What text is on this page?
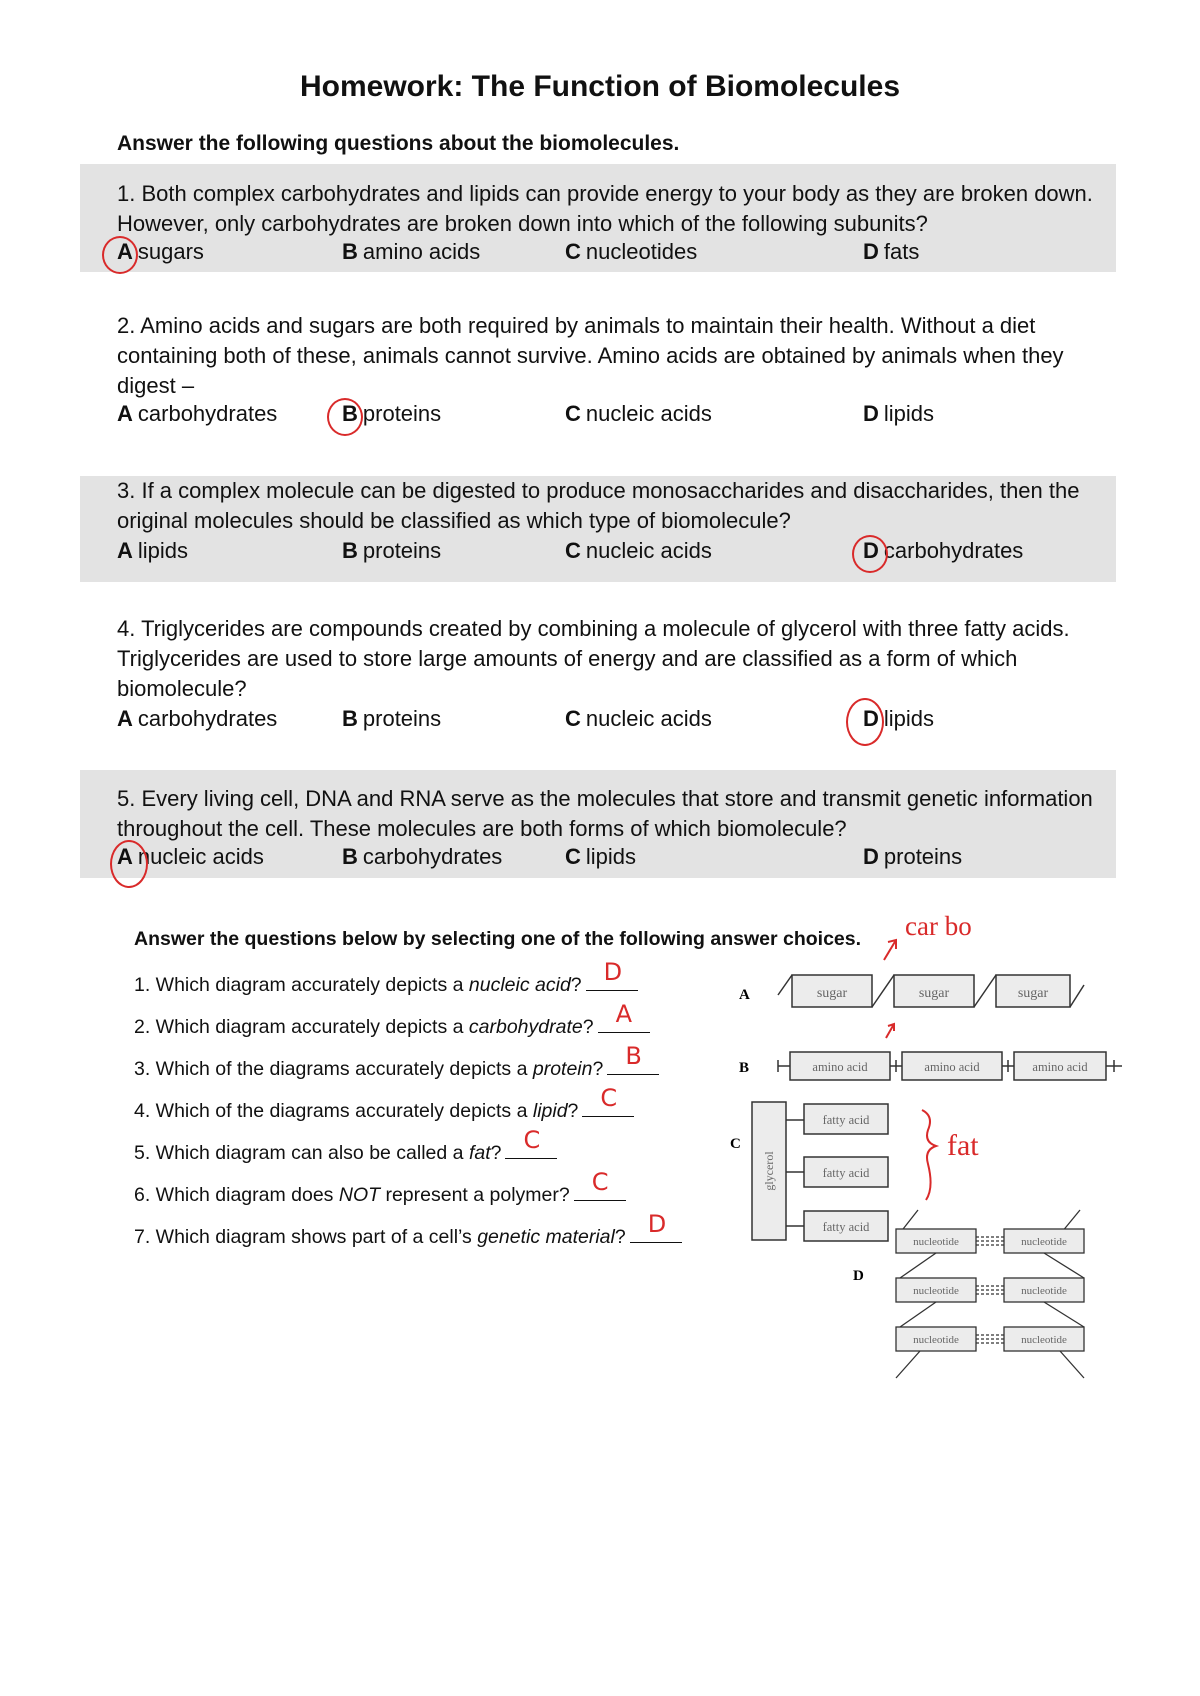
Homework: The Function of Biomolecules
Answer the following questions about the biomolecules.
1. Both complex carbohydrates and lipids can provide energy to your body as they are broken down. However, only carbohydrates are broken down into which of the following subunits?
A sugars	B amino acids	C nucleotides	D fats
2. Amino acids and sugars are both required by animals to maintain their health. Without a diet containing both of these, animals cannot survive. Amino acids are obtained by animals when they digest –
A carbohydrates	B proteins	C nucleic acids	D lipids
3. If a complex molecule can be digested to produce monosaccharides and disaccharides, then the original molecules should be classified as which type of biomolecule?
A lipids	B proteins	C nucleic acids	D carbohydrates
4. Triglycerides are compounds created by combining a molecule of glycerol with three fatty acids. Triglycerides are used to store large amounts of energy and are classified as a form of which biomolecule?
A carbohydrates	B proteins	C nucleic acids	D lipids
5. Every living cell, DNA and RNA serve as the molecules that store and transmit genetic information throughout the cell. These molecules are both forms of which biomolecule?
A nucleic acids	B carbohydrates	C lipids	D proteins
Answer the questions below by selecting one of the following answer choices.
1. Which diagram accurately depicts a nucleic acid? D
2. Which diagram accurately depicts a carbohydrate? A
3. Which of the diagrams accurately depicts a protein? B
4. Which of the diagrams accurately depicts a lipid? C
5. Which diagram can also be called a fat? C
6. Which diagram does NOT represent a polymer? C
7. Which diagram shows part of a cell’s genetic material? D
A	sugar	sugar	sugar
B	amino acid	amino acid	amino acid
C
glycerol
fatty acid
fatty acid
fatty acid
D
nucleotide	nucleotide
nucleotide	nucleotide
nucleotide	nucleotide
car bo
fat
